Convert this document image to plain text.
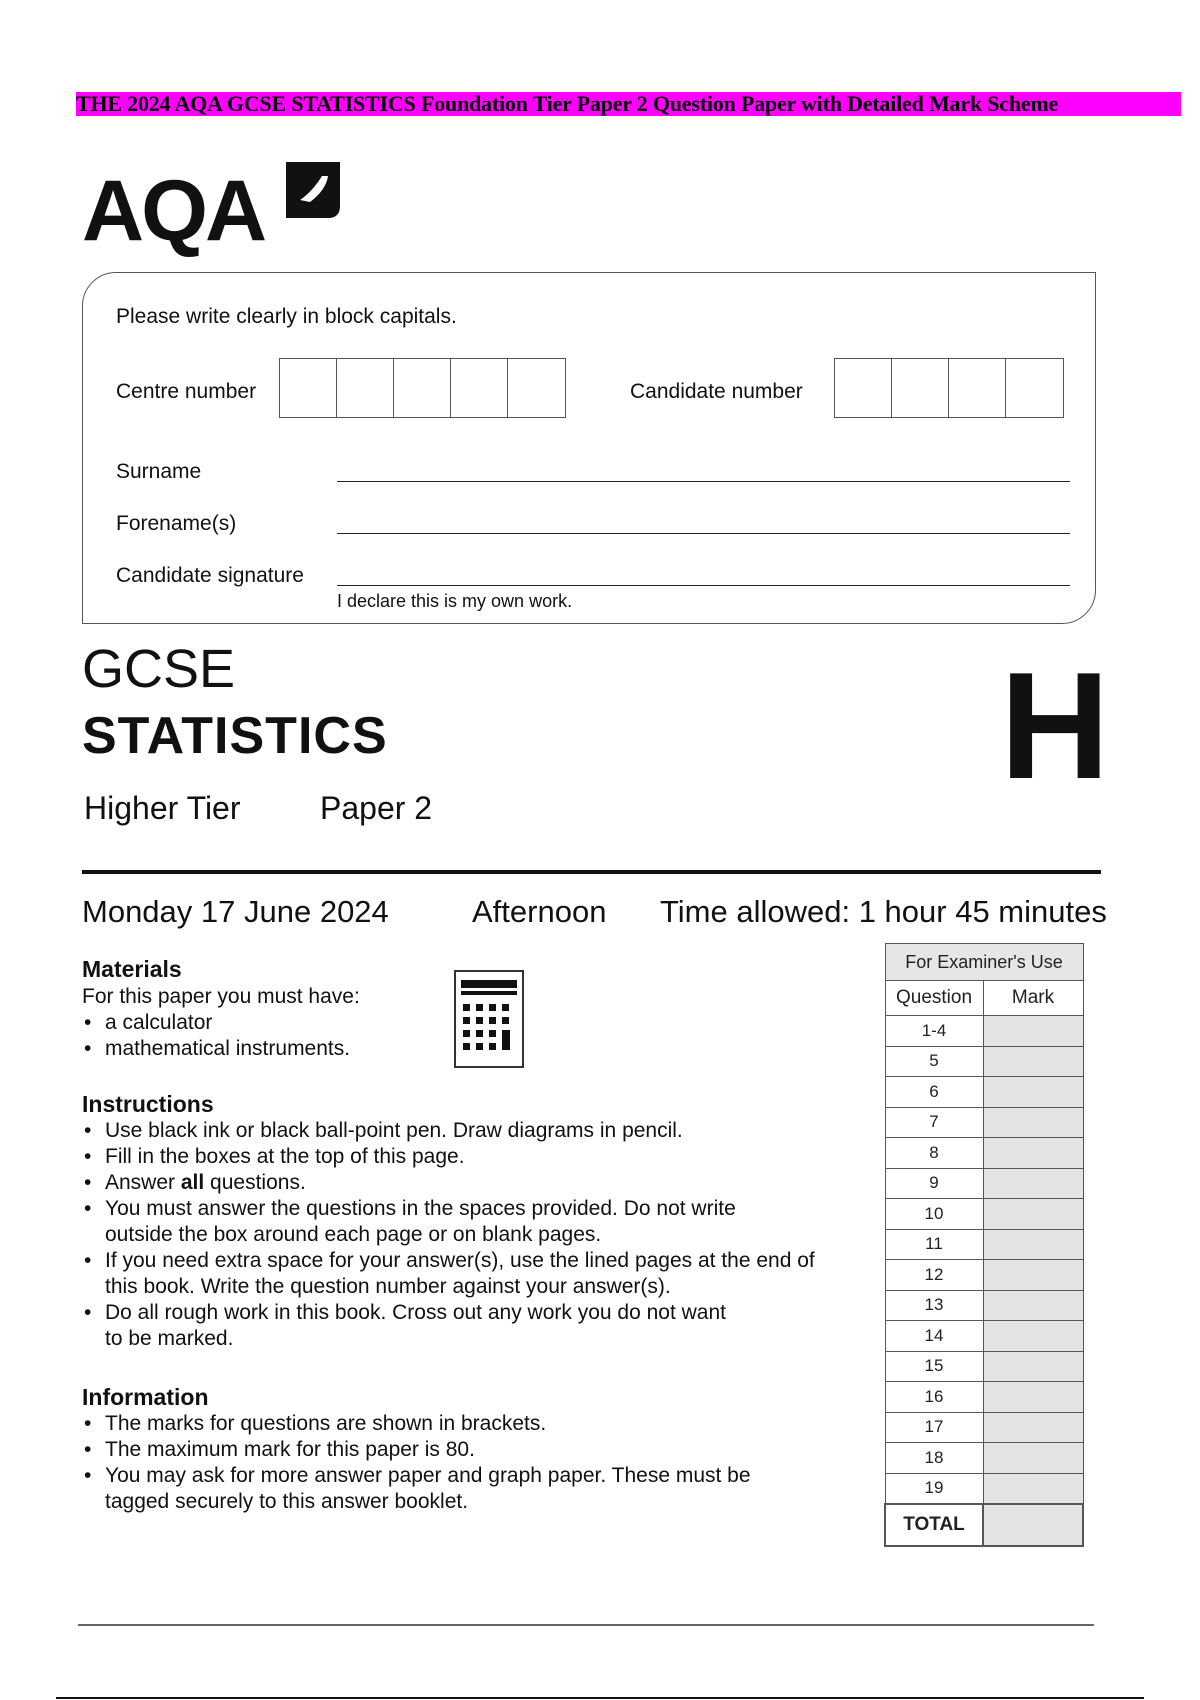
THE 2024 AQA GCSE STATISTICS Foundation Tier Paper 2 Question Paper with Detailed Mark Scheme
AQA
Please write clearly in block capitals.
Centre number	Candidate number
Surname
Forename(s)
Candidate signature
I declare this is my own work.
GCSE
STATISTICS
Higher Tier Paper 2	H
Monday 17 June 2024	Afternoon Time allowed: 1 hour 45 minutes
Materials
For this paper you must have:
• a calculator
• mathematical instruments.
Instructions
• Use black ink or black ball-point pen. Draw diagrams in pencil.
• Fill in the boxes at the top of this page.
• Answer all questions.
• You must answer the questions in the spaces provided. Do not write
outside the box around each page or on blank pages.
• If you need extra space for your answer(s), use the lined pages at the end of
this book. Write the question number against your answer(s).
• Do all rough work in this book. Cross out any work you do not want
to be marked.
Information
• The marks for questions are shown in brackets.
• The maximum mark for this paper is 80.
• You may ask for more answer paper and graph paper. These must be
tagged securely to this answer booklet.
For Examiner's Use	
Question	Mark
1-4	
5	
6	
7	
8	
9	
10	
11	
12	
13	
14	
15	
16	
17	
18	
19	
TOTAL	
